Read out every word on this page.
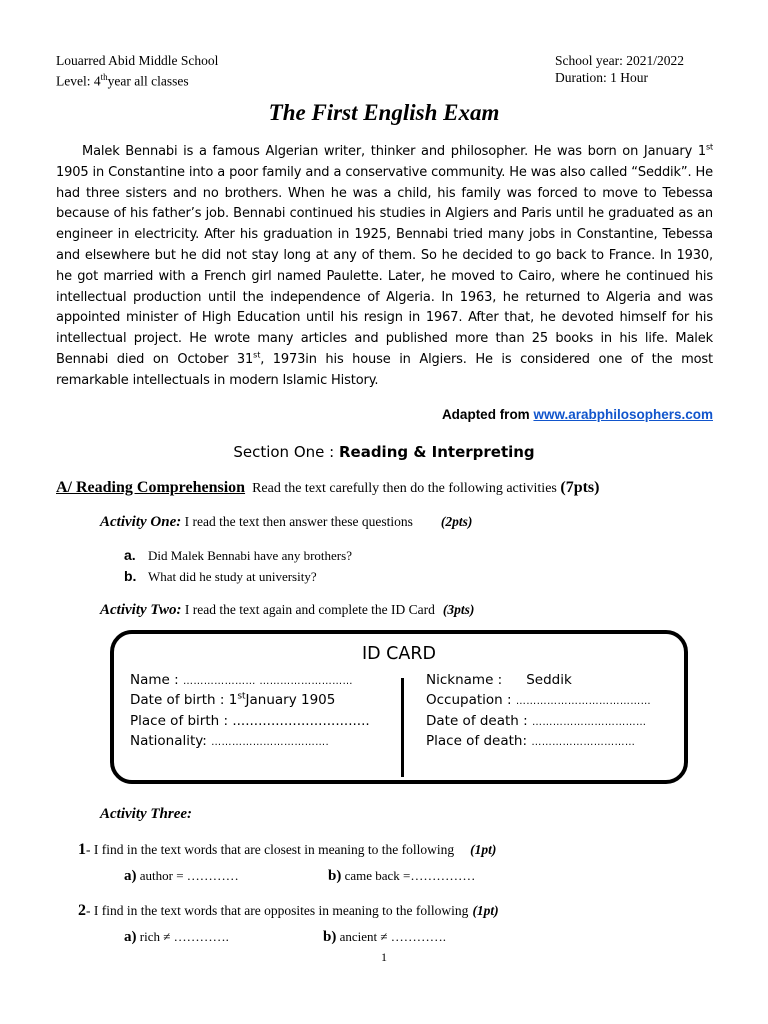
Louarred Abid Middle School
Level: 4thyear all classes
School year: 2021/2022
Duration: 1 Hour
The First English Exam
Malek Bennabi is a famous Algerian writer, thinker and philosopher. He was born on January 1st 1905 in Constantine into a poor family and a conservative community. He was also called “Seddik”. He had three sisters and no brothers. When he was a child, his family was forced to move to Tebessa because of his father’s job. Bennabi continued his studies in Algiers and Paris until he graduated as an engineer in electricity. After his graduation in 1925, Bennabi tried many jobs in Constantine, Tebessa and elsewhere but he did not stay long at any of them. So he decided to go back to France. In 1930, he got married with a French girl named Paulette. Later, he moved to Cairo, where he continued his intellectual production until the independence of Algeria. In 1963, he returned to Algeria and was appointed minister of High Education until his resign in 1967. After that, he devoted himself for his intellectual project. He wrote many articles and published more than 25 books in his life. Malek Bennabi died on October 31st, 1973in his house in Algiers. He is considered one of the most remarkable intellectuals in modern Islamic History.
Adapted from www.arabphilosophers.com
Section One : Reading & Interpreting
A/ Reading Comprehension Read the text carefully then do the following activities (7pts)
Activity One: I read the text then answer these questions (2pts)
a. Did Malek Bennabi have any brothers?
b. What did he study at university?
Activity Two: I read the text again and complete the ID Card (3pts)
ID CARD
Name : ………………… ………………………
Date of birth : 1stJanuary 1905
Place of birth : ................................
Nationality: …………………………….
Nickname : Seddik
Occupation : …………………………………
Date of death : ……………………………
Place of death: …………………………
Activity Three:
1- I find in the text words that are closest in meaning to the following (1pt)
a) author = …………	b) came back =……………
2- I find in the text words that are opposites in meaning to the following (1pt)
a) rich ≠ ………….	b) ancient ≠ ………….
1
